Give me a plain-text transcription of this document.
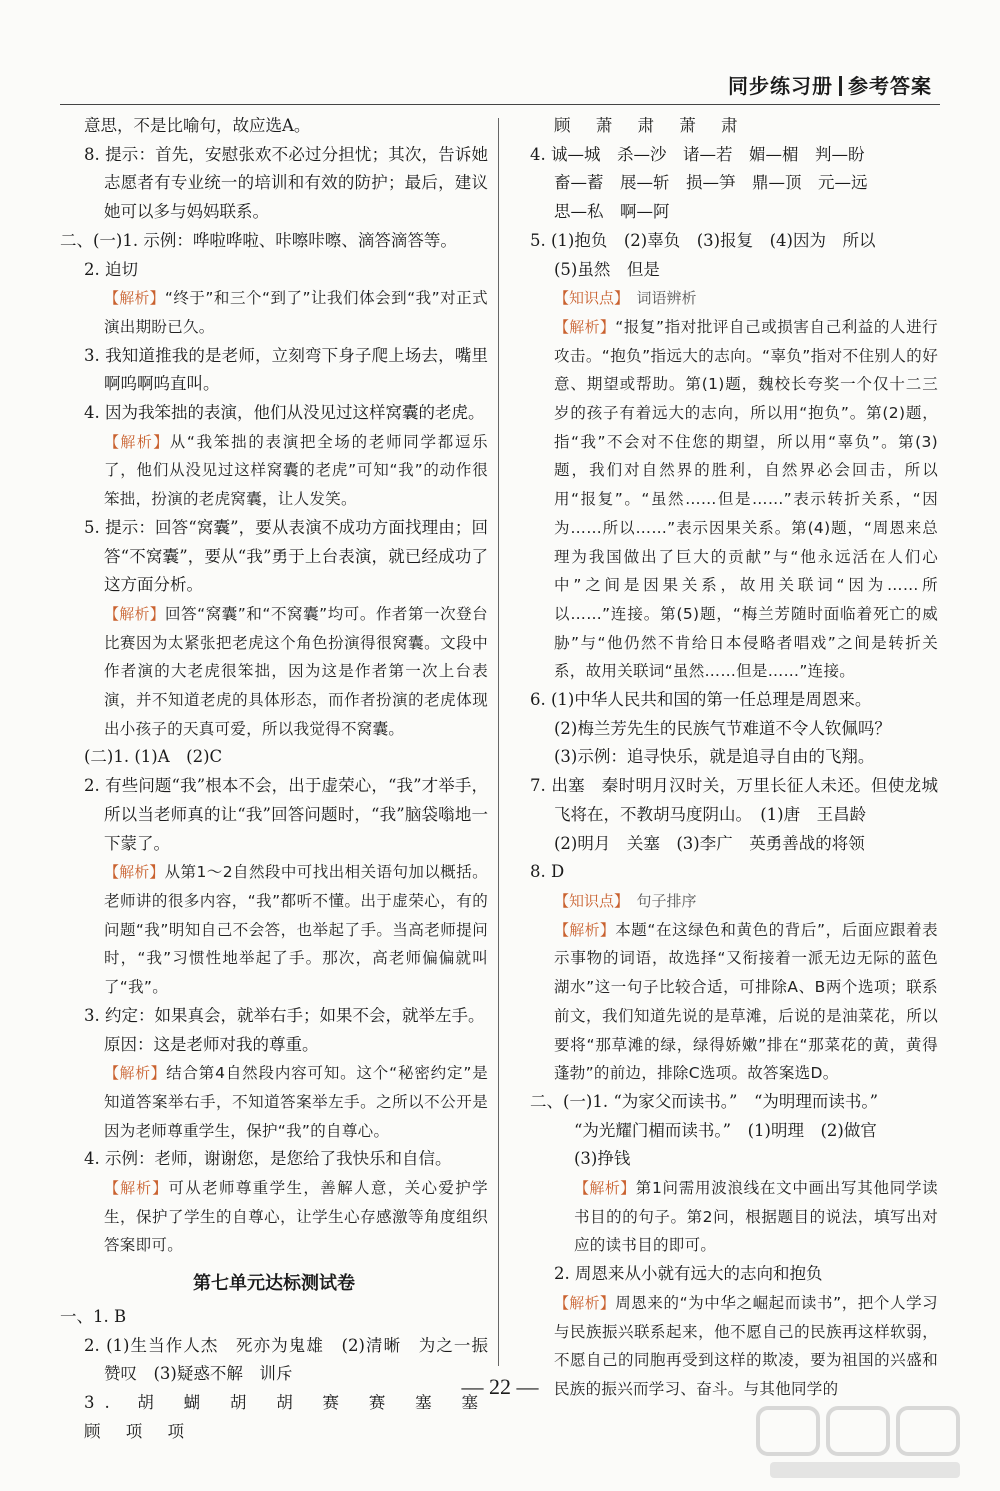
同步练习册 参考答案

意思，不是比喻句，故应选A。

8. 提示：首先，安慰张欢不必过分担忧；其次，告诉她志愿者有专业统一的培训和有效的防护；最后，建议她可以多与妈妈联系。

二、(一)1. 示例：哗啦哗啦、咔嚓咔嚓、滴答滴答等。

2. 迫切

【解析】“终于”和三个“到了”让我们体会到“我”对正式演出期盼已久。

3. 我知道推我的是老师，立刻弯下身子爬上场去，嘴里啊呜啊呜直叫。

4. 因为我笨拙的表演，他们从没见过这样窝囊的老虎。

【解析】从“我笨拙的表演把全场的老师同学都逗乐了，他们从没见过这样窝囊的老虎”可知“我”的动作很笨拙，扮演的老虎窝囊，让人发笑。

5. 提示：回答“窝囊”，要从表演不成功方面找理由；回答“不窝囊”，要从“我”勇于上台表演，就已经成功了这方面分析。

【解析】回答“窝囊”和“不窝囊”均可。作者第一次登台比赛因为太紧张把老虎这个角色扮演得很窝囊。文段中作者演的大老虎很笨拙，因为这是作者第一次上台表演，并不知道老虎的具体形态，而作者扮演的老虎体现出小孩子的天真可爱，所以我觉得不窝囊。

(二)1. (1)A　(2)C

2. 有些问题“我”根本不会，出于虚荣心，“我”才举手，所以当老师真的让“我”回答问题时，“我”脑袋嗡地一下蒙了。

【解析】从第1～2自然段中可找出相关语句加以概括。老师讲的很多内容，“我”都听不懂。出于虚荣心，有的问题“我”明知自己不会答，也举起了手。当高老师提问时，“我”习惯性地举起了手。那次，高老师偏偏就叫了“我”。

3. 约定：如果真会，就举右手；如果不会，就举左手。

原因：这是老师对我的尊重。

【解析】结合第4自然段内容可知。这个“秘密约定”是知道答案举右手，不知道答案举左手。之所以不公开是因为老师尊重学生，保护“我”的自尊心。

4. 示例：老师，谢谢您，是您给了我快乐和自信。

【解析】可从老师尊重学生，善解人意，关心爱护学生，保护了学生的自尊心，让学生心存感激等角度组织答案即可。

第七单元达标测试卷

一、1. B

2. (1)生当作人杰　死亦为鬼雄　(2)清晰　为之一振　赞叹　(3)疑惑不解　训斥

3. 胡 蝴 胡 胡 赛 赛 塞 塞 顾 项 项

顾 萧 肃 萧 肃

4. 诚—城　杀—沙　诸—若　媚—楣　判—盼

畜—蓄　展—斩　损—笋　鼎—顶　元—远

思—私　啊—阿

5. (1)抱负　(2)辜负　(3)报复　(4)因为　所以

(5)虽然　但是

【知识点】　词语辨析

【解析】“报复”指对批评自己或损害自己利益的人进行攻击。“抱负”指远大的志向。“辜负”指对不住别人的好意、期望或帮助。第(1)题，魏校长夸奖一个仅十二三岁的孩子有着远大的志向，所以用“抱负”。第(2)题，指“我”不会对不住您的期望，所以用“辜负”。第(3)题，我们对自然界的胜利，自然界必会回击，所以用“报复”。“虽然……但是……”表示转折关系，“因为……所以……”表示因果关系。第(4)题，“周恩来总理为我国做出了巨大的贡献”与“他永远活在人们心中”之间是因果关系，故用关联词“因为……所以……”连接。第(5)题，“梅兰芳随时面临着死亡的威胁”与“他仍然不肯给日本侵略者唱戏”之间是转折关系，故用关联词“虽然……但是……”连接。

6. (1)中华人民共和国的第一任总理是周恩来。

(2)梅兰芳先生的民族气节难道不令人钦佩吗？

(3)示例：追寻快乐，就是追寻自由的飞翔。

7. 出塞　秦时明月汉时关，万里长征人未还。但使龙城飞将在，不教胡马度阴山。　(1)唐　王昌龄

(2)明月　关塞　(3)李广　英勇善战的将领

8. D

【知识点】　句子排序

【解析】本题“在这绿色和黄色的背后”，后面应跟着表示事物的词语，故选择“又衔接着一派无边无际的蓝色湖水”这一句子比较合适，可排除A、B两个选项；联系前文，我们知道先说的是草滩，后说的是油菜花，所以要将“那草滩的绿，绿得娇嫩”排在“那菜花的黄，黄得蓬勃”的前边，排除C选项。故答案选D。

二、(一)1. “为家父而读书。”　“为明理而读书。”

“为光耀门楣而读书。”　(1)明理　(2)做官

(3)挣钱

【解析】第1问需用波浪线在文中画出写其他同学读书目的的句子。第2问，根据题目的说法，填写出对应的读书目的即可。

2. 周恩来从小就有远大的志向和抱负

【解析】周恩来的“为中华之崛起而读书”，把个人学习与民族振兴联系起来，他不愿自己的民族再这样软弱，不愿自己的同胞再受到这样的欺凌，要为祖国的兴盛和民族的振兴而学习、奋斗。与其他同学的

— 22 —
